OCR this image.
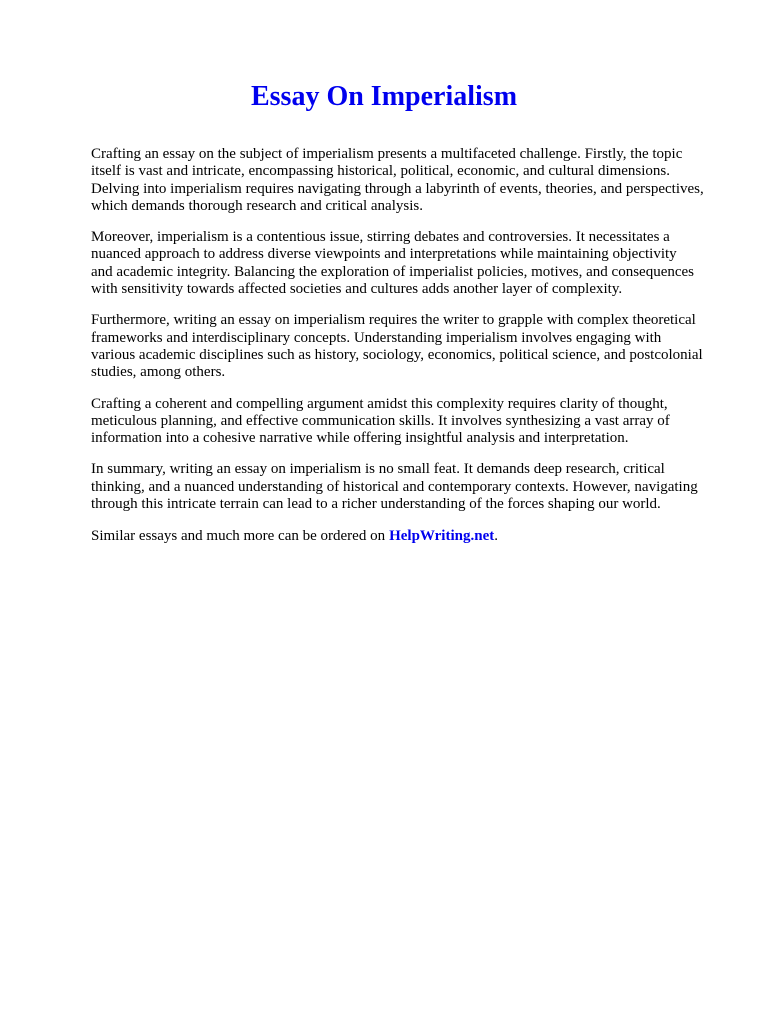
Essay On Imperialism

Crafting an essay on the subject of imperialism presents a multifaceted challenge. Firstly, the topic
itself is vast and intricate, encompassing historical, political, economic, and cultural dimensions.
Delving into imperialism requires navigating through a labyrinth of events, theories, and perspectives,
which demands thorough research and critical analysis.

Moreover, imperialism is a contentious issue, stirring debates and controversies. It necessitates a
nuanced approach to address diverse viewpoints and interpretations while maintaining objectivity
and academic integrity. Balancing the exploration of imperialist policies, motives, and consequences
with sensitivity towards affected societies and cultures adds another layer of complexity.

Furthermore, writing an essay on imperialism requires the writer to grapple with complex theoretical
frameworks and interdisciplinary concepts. Understanding imperialism involves engaging with
various academic disciplines such as history, sociology, economics, political science, and postcolonial
studies, among others.

Crafting a coherent and compelling argument amidst this complexity requires clarity of thought,
meticulous planning, and effective communication skills. It involves synthesizing a vast array of
information into a cohesive narrative while offering insightful analysis and interpretation.

In summary, writing an essay on imperialism is no small feat. It demands deep research, critical
thinking, and a nuanced understanding of historical and contemporary contexts. However, navigating
through this intricate terrain can lead to a richer understanding of the forces shaping our world.

Similar essays and much more can be ordered on HelpWriting.net.
